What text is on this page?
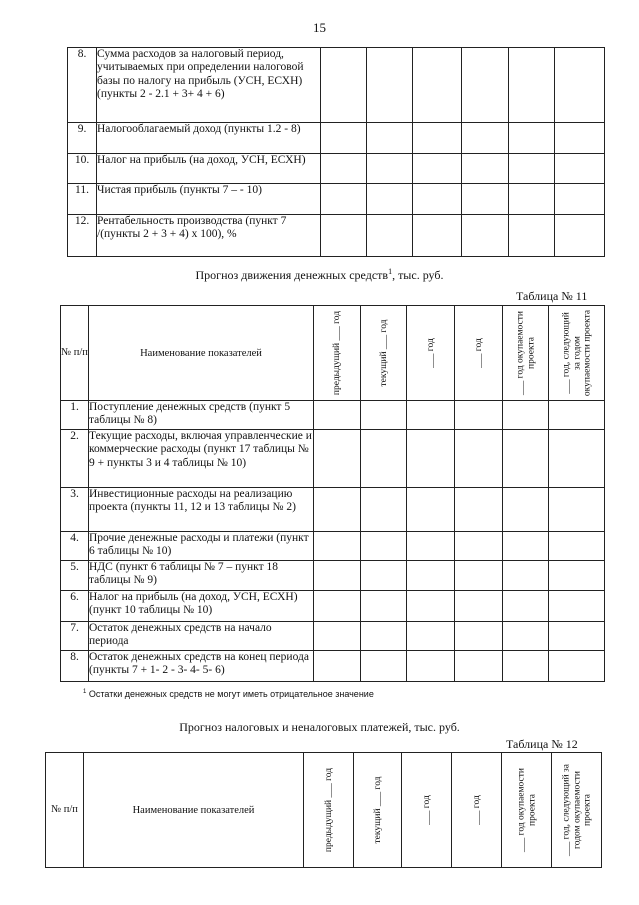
15
8.	Сумма расходов за налоговый период, учитываемых при определении налоговой базы по налогу на прибыль (УСН, ЕСХН) (пункты 2 - 2.1 + 3+ 4 + 6)						
9.	Налогооблагаемый доход (пункты 1.2 - 8)						
10.	Налог на прибыль (на доход, УСН, ЕСХН)						
11.	Чистая прибыль (пункты 7 – - 10)						
12.	Рентабельность производства (пункт 7 /(пункты 2 + 3 + 4) х 100), %						
Прогноз движения денежных средств$^1$, тыс. руб.
Таблица № 11
№ п/п	Наименование показателей	предыдущий ___ год	текущий ___ год	___ год	___ год	___ год окупаемости проекта	___ год, следующий за годом окупаемости проекта

1.	Поступление денежных средств (пункт 5 таблицы № 8)						
2.	Текущие расходы, включая управленческие и коммерческие расходы (пункт 17 таблицы № 9 + пункты 3 и 4 таблицы № 10)						
3.	Инвестиционные расходы на реализацию проекта (пункты 11, 12 и 13 таблицы № 2)						
4.	Прочие денежные расходы и платежи (пункт 6 таблицы № 10)						
5.	НДС (пункт 6 таблицы № 7 – пункт 18 таблицы № 9)						
6.	Налог на прибыль (на доход, УСН, ЕСХН) (пункт 10 таблицы № 10)						
7.	Остаток денежных средств на начало периода						
8.	Остаток денежных средств на конец периода (пункты 7 + 1- 2 - 3- 4- 5- 6)						
$^1$ Остатки денежных средств не могут иметь отрицательное значение
Прогноз налоговых и неналоговых платежей, тыс. руб.
Таблица № 12
№ п/п	Наименование показателей	предыдущий ___ год	текущий ___ год	___ год	___ год	___ год окупаемости проекта	___ год, следующий за годом окупаемости проекта
